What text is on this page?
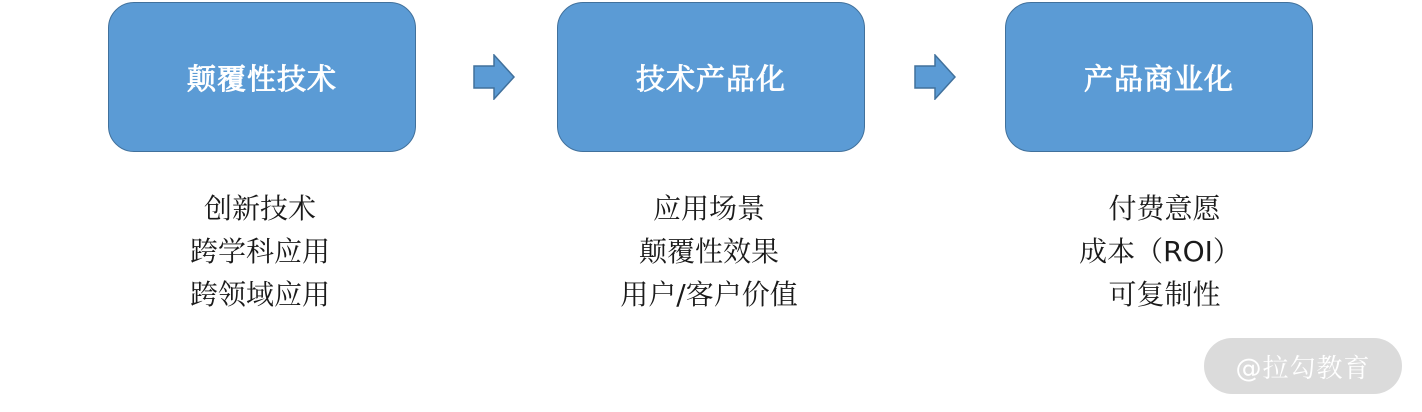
颠覆性技术	技术产品化	产品商业化
创新技术
跨学科应用
跨领域应用
应用场景
颠覆性效果
用户/客户价值
付费意愿
成本（ROI）
可复制性
@拉勾教育
